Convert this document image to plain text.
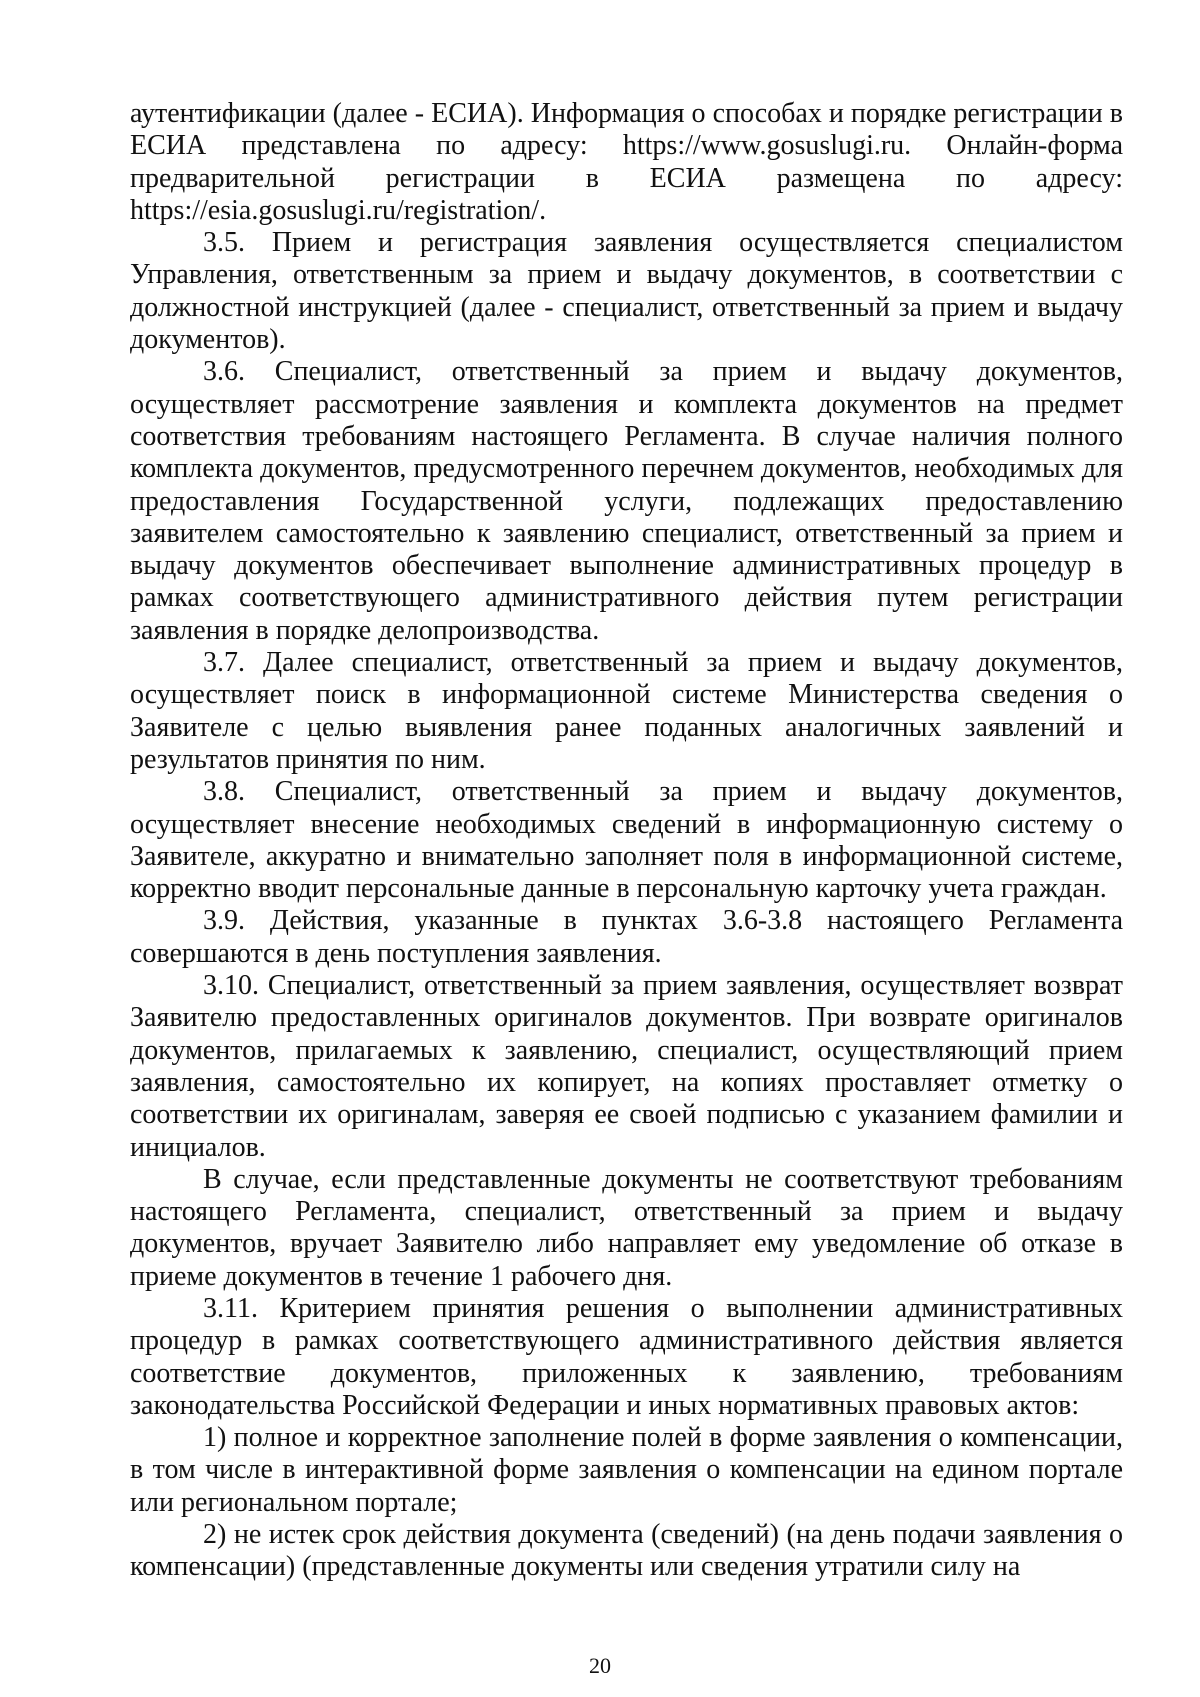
аутентификации (далее - ЕСИА). Информация о способах и порядке регистрации в ЕСИА представлена по адресу: https://www.gosuslugi.ru. Онлайн-форма предварительной регистрации в ЕСИА размещена по адресу: https://esia.gosuslugi.ru/registration/.

3.5. Прием и регистрация заявления осуществляется специалистом Управления, ответственным за прием и выдачу документов, в соответствии с должностной инструкцией (далее - специалист, ответственный за прием и выдачу документов).

3.6. Специалист, ответственный за прием и выдачу документов, осуществляет рассмотрение заявления и комплекта документов на предмет соответствия требованиям настоящего Регламента. В случае наличия полного комплекта документов, предусмотренного перечнем документов, необходимых для предоставления Государственной услуги, подлежащих предоставлению заявителем самостоятельно к заявлению специалист, ответственный за прием и выдачу документов обеспечивает выполнение административных процедур в рамках соответствующего административного действия путем регистрации заявления в порядке делопроизводства.

3.7. Далее специалист, ответственный за прием и выдачу документов, осуществляет поиск в информационной системе Министерства сведения о Заявителе с целью выявления ранее поданных аналогичных заявлений и результатов принятия по ним.

3.8. Специалист, ответственный за прием и выдачу документов, осуществляет внесение необходимых сведений в информационную систему о Заявителе, аккуратно и внимательно заполняет поля в информационной системе, корректно вводит персональные данные в персональную карточку учета граждан.

3.9. Действия, указанные в пунктах 3.6-3.8 настоящего Регламента совершаются в день поступления заявления.

3.10. Специалист, ответственный за прием заявления, осуществляет возврат Заявителю предоставленных оригиналов документов. При возврате оригиналов документов, прилагаемых к заявлению, специалист, осуществляющий прием заявления, самостоятельно их копирует, на копиях проставляет отметку о соответствии их оригиналам, заверяя ее своей подписью с указанием фамилии и инициалов.

В случае, если представленные документы не соответствуют требованиям настоящего Регламента, специалист, ответственный за прием и выдачу документов, вручает Заявителю либо направляет ему уведомление об отказе в приеме документов в течение 1 рабочего дня.

3.11. Критерием принятия решения о выполнении административных процедур в рамках соответствующего административного действия является соответствие документов, приложенных к заявлению, требованиям законодательства Российской Федерации и иных нормативных правовых актов:

1) полное и корректное заполнение полей в форме заявления о компенсации, в том числе в интерактивной форме заявления о компенсации на едином портале или региональном портале;

2) не истек срок действия документа (сведений) (на день подачи заявления о компенсации) (представленные документы или сведения утратили силу на

20
